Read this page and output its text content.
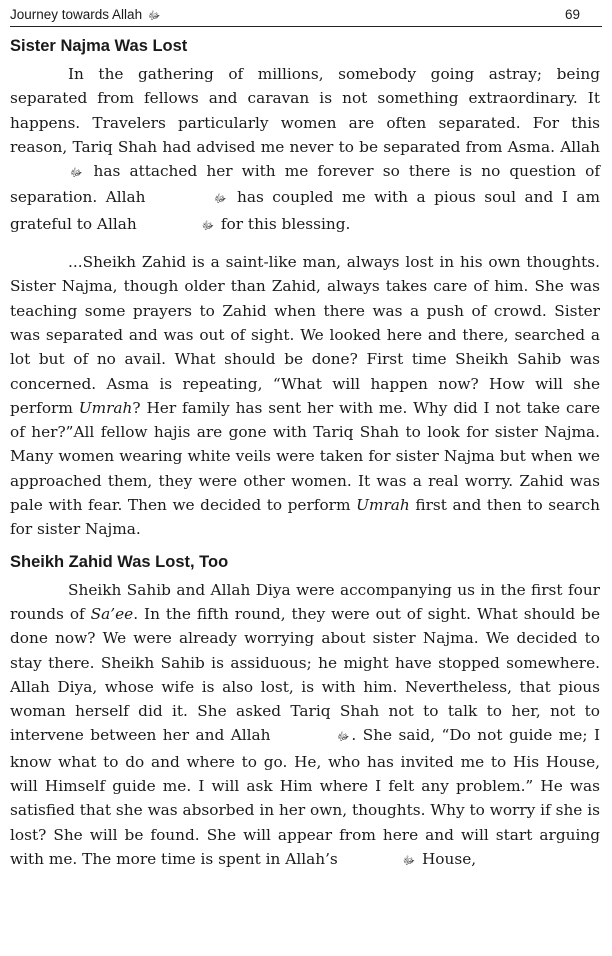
Journey towards Allah ﷻ	69
Sister Najma Was Lost

In the gathering of millions, somebody going astray; being separated from fellows and caravan is not something extraordinary. It happens. Travelers particularly women are often separated. For this reason, Tariq Shah had advised me never to be separated from Asma. Allah ﷻ has attached her with me forever so there is no question of separation. Allah	ﷻ has coupled me with a pious soul and I am grateful to Allah	ﷻ for this blessing.

...Sheikh Zahid is a saint-like man, always lost in his own thoughts. Sister Najma, though older than Zahid, always takes care of him. She was teaching some prayers to Zahid when there was a push of crowd. Sister was separated and was out of sight. We looked here and there, searched a lot but of no avail. What should be done? First time Sheikh Sahib was concerned. Asma is repeating, “What will happen now? How will she perform Umrah? Her family has sent her with me. Why did I not take care of her?”All fellow hajis are gone with Tariq Shah to look for sister Najma. Many women wearing white veils were taken for sister Najma but when we approached them, they were other women. It was a real worry. Zahid was pale with fear. Then we decided to perform Umrah first and then to search for sister Najma.

Sheikh Zahid Was Lost, Too

Sheikh Sahib and Allah Diya were accompanying us in the first four rounds of Sa’ee. In the fifth round, they were out of sight. What should be done now? We were already worrying about sister Najma. We decided to stay there. Sheikh Sahib is assiduous; he might have stopped somewhere. Allah Diya, whose wife is also lost, is with him. Nevertheless, that pious woman herself did it. She asked Tariq Shah not to talk to her, not to intervene between her and Allah	ﷻ . She said, “Do not guide me; I know what to do and where to go. He, who has invited me to His House, will Himself guide me. I will ask Him where I felt any problem.” He was satisfied that she was absorbed in her own, thoughts. Why to worry if she is lost? She will be found. She will appear from here and will start arguing with me. The more time is spent in Allah’s	ﷻ House,
